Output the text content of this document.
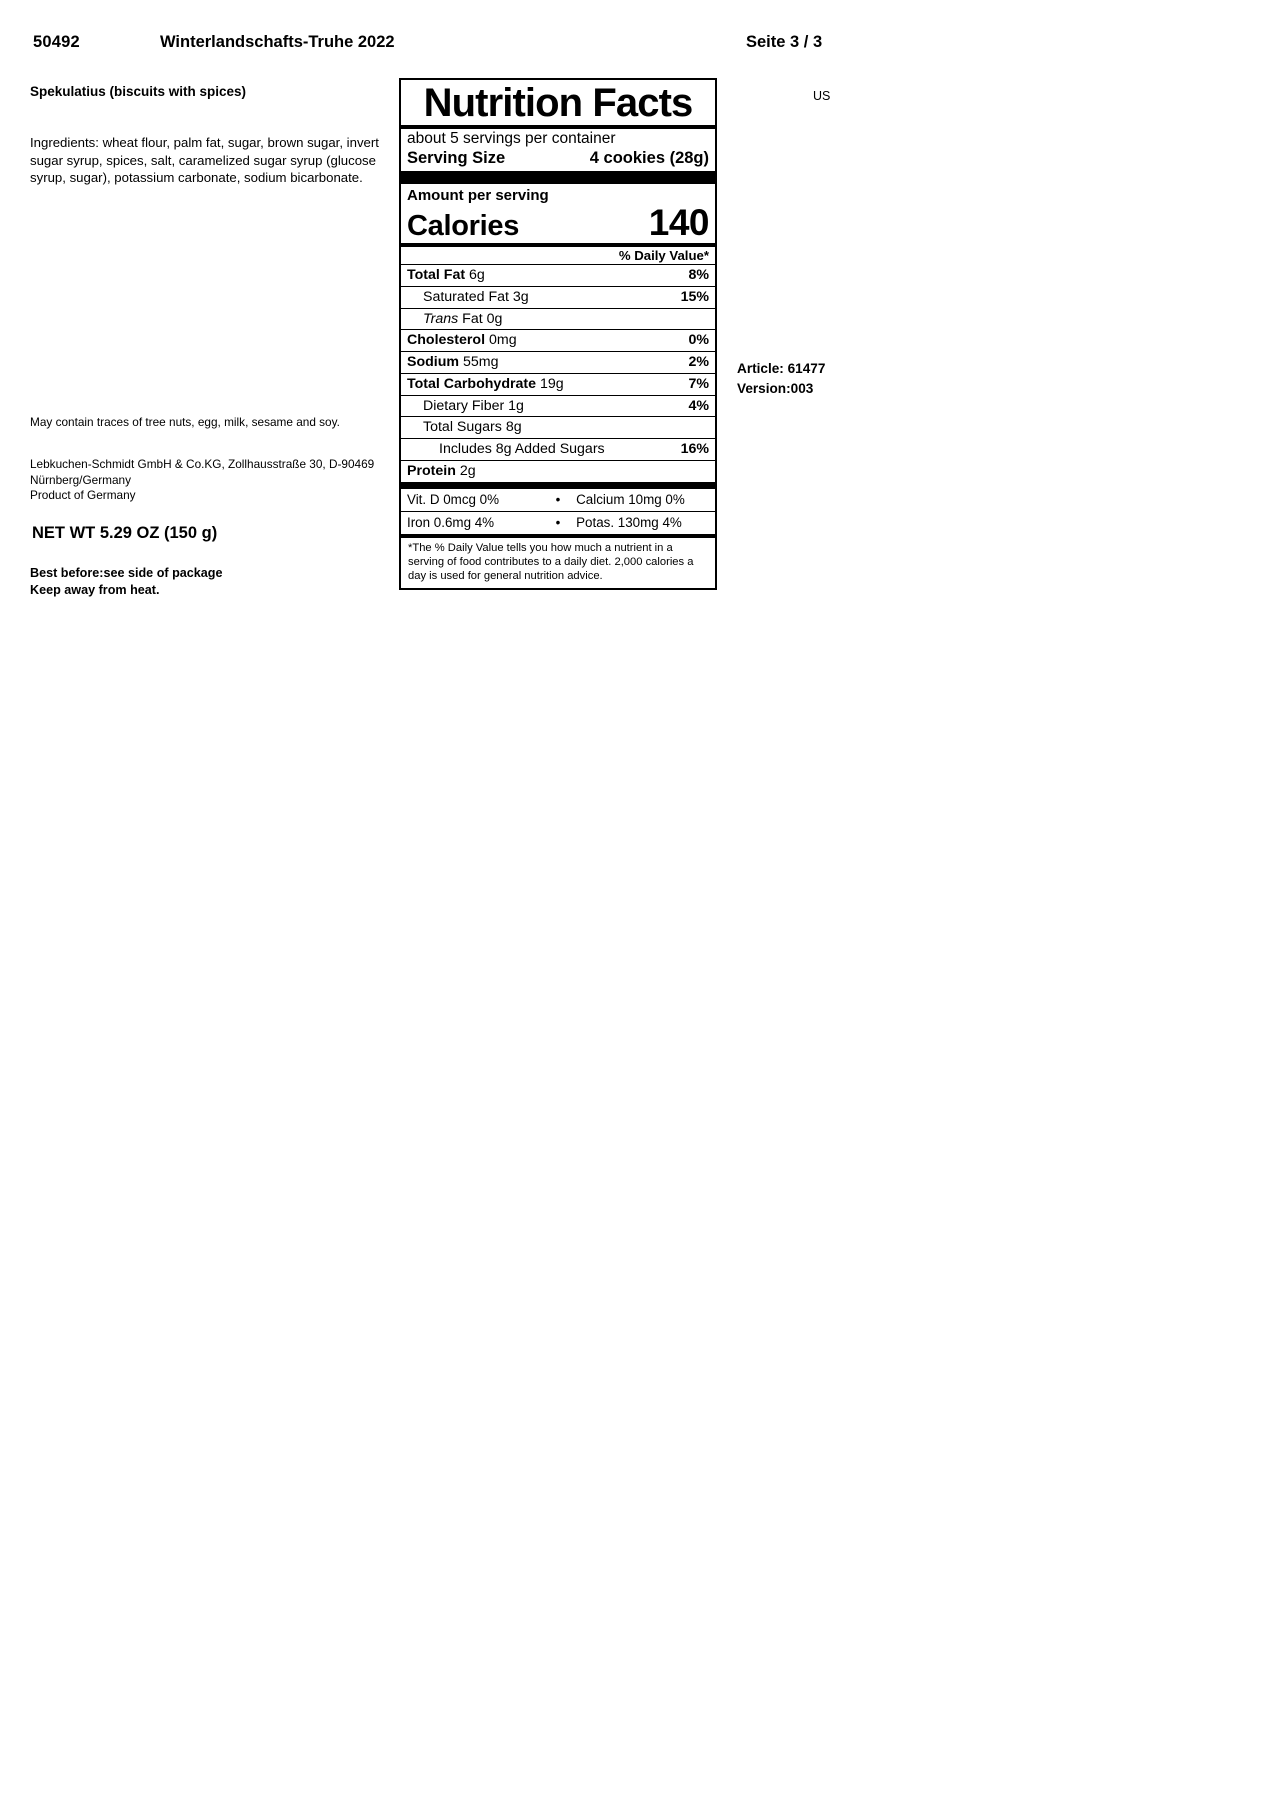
50492	Winterlandschafts-Truhe 2022	Seite 3 / 3
Spekulatius (biscuits with spices)
Ingredients: wheat flour, palm fat, sugar, brown sugar, invert sugar syrup, spices, salt, caramelized sugar syrup (glucose syrup, sugar), potassium carbonate, sodium bicarbonate.
May contain traces of tree nuts, egg, milk, sesame and soy.
Lebkuchen-Schmidt GmbH & Co.KG, Zollhausstraße 30, D-90469
Nürnberg/Germany
Product of Germany
NET WT 5.29 OZ (150 g)
Best before:see side of package
Keep away from heat.
US
Article: 61477
Version:003
Nutrition Facts
about 5 servings per container
Serving Size	4 cookies (28g)
Amount per serving
Calories	140
% Daily Value*
Total Fat 6g	8%
Saturated Fat 3g	15%
Trans Fat 0g
Cholesterol 0mg	0%
Sodium 55mg	2%
Total Carbohydrate 19g	7%
Dietary Fiber 1g	4%
Total Sugars 8g
Includes 8g Added Sugars	16%
Protein 2g
Vit. D 0mcg 0%	•	Calcium 10mg 0%
Iron 0.6mg 4%	•	Potas. 130mg 4%
*The % Daily Value tells you how much a nutrient in a serving of food contributes to a daily diet. 2,000 calories a day is used for general nutrition advice.
